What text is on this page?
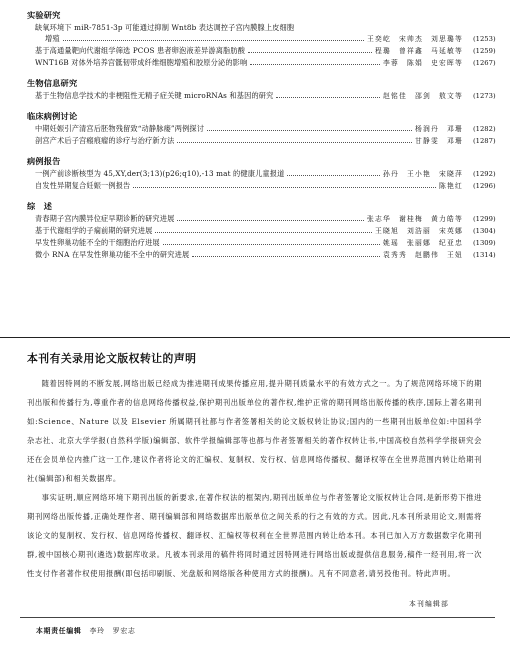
实验研究
缺氧环境下 miR-7851-3p 可能通过抑制 Wnt8b 表达调控子宫内膜腺上皮细胞
增殖	王奕屹　宋帅杰　刘思璐等 (1253)
基于高通量靶向代谢组学筛选 PCOS 患者卵泡液差异游离脂肪酸	程璐　曾祥鑫　马延敏等 (1259)
WNT16B 对体外培养宫骶韧带成纤维细胞增殖和胶原分泌的影响	李蓉　陈娟　史宏晖等 (1267)
生物信息研究
基于生物信息学技术的非梗阻性无精子症关键 microRNAs 和基因的研究	赵铭佳　邵剑　敖文等 (1273)
临床病例讨论
中期妊娠引产清宫后胚物残留致“动静脉瘘”两例探讨	杨润丹　邓珊 (1282)
剖宫产术后子宫瘢痕瘤的诊疗与治疗新方法	甘静雯　邓珊 (1287)
病例报告
一例产前诊断核型为 45,XY,der(3;13)(p26;q10),-13 mat 的健康儿童报道	孙丹　王小艳　宋晓萍 (1292)
自发性异期复合妊娠一例报告	陈艳红 (1296)
综　述
青春期子宫内膜异位症早期诊断的研究进展	张志华　谢桂梅　黄力皓等 (1299)
基于代谢组学的子痫前期的研究进展	王晓旭　刘浩丽　宋英娜 (1304)
早发性卵巢功能不全的干细胞治疗进展	姚瑶　张丽娜　纪亚忠 (1309)
微小 RNA 在早发性卵巢功能不全中的研究进展	袁秀秀　赵鹏伟　王妞 (1314)
本刊有关录用论文版权转让的声明

随着因特网的不断发展,网络出版已经成为推进期刊成果传播应用,提升期刊质量水平的有效方式之一。为了规范网络环境下的期刊出版和传播行为,尊重作者的信息网络传播权益,保护期刊出版单位的著作权,维护正常的期刊网络出版传播的秩序,国际上著名期刊如:Science、Nature 以及 Elsevier 所属期刊社都与作者签署相关的论文版权转让协议;国内的一些期刊出版单位如:中国科学杂志社、北京大学学报(自然科学版)编辑部、软件学报编辑部等也都与作者签署相关的著作权转让书,中国高校自然科学学报研究会还在会员单位内推广这一工作,建议作者将论文的汇编权、复制权、发行权、信息网络传播权、翻译权等在全世界范围内转让给期刊社(编辑部)和相关数据库。

事实证明,顺应网络环境下期刊出版的新要求,在著作权法的框架内,期刊出版单位与作者签署论文版权转让合同,是新形势下推进期刊网络出版传播,正确处理作者、期刊编辑部和网络数据库出版单位之间关系的行之有效的方式。因此,凡本刊所录用论文,则需将该论文的复制权、发行权、信息网络传播权、翻译权、汇编权等权利在全世界范围内转让给本刊。本刊已加入万方数据数字化期刊群,被中国核心期刊(遴选)数据库收录。凡被本刊录用的稿件将同时通过因特网进行网络出版或提供信息服务,稿件一经刊用,将一次性支付作者著作权使用报酬(即包括印刷版、光盘版和网络版各种使用方式的报酬)。凡有不同意者,请另投他刊。特此声明。

本刊编辑部
本期责任编辑 李玲 罗宏志
